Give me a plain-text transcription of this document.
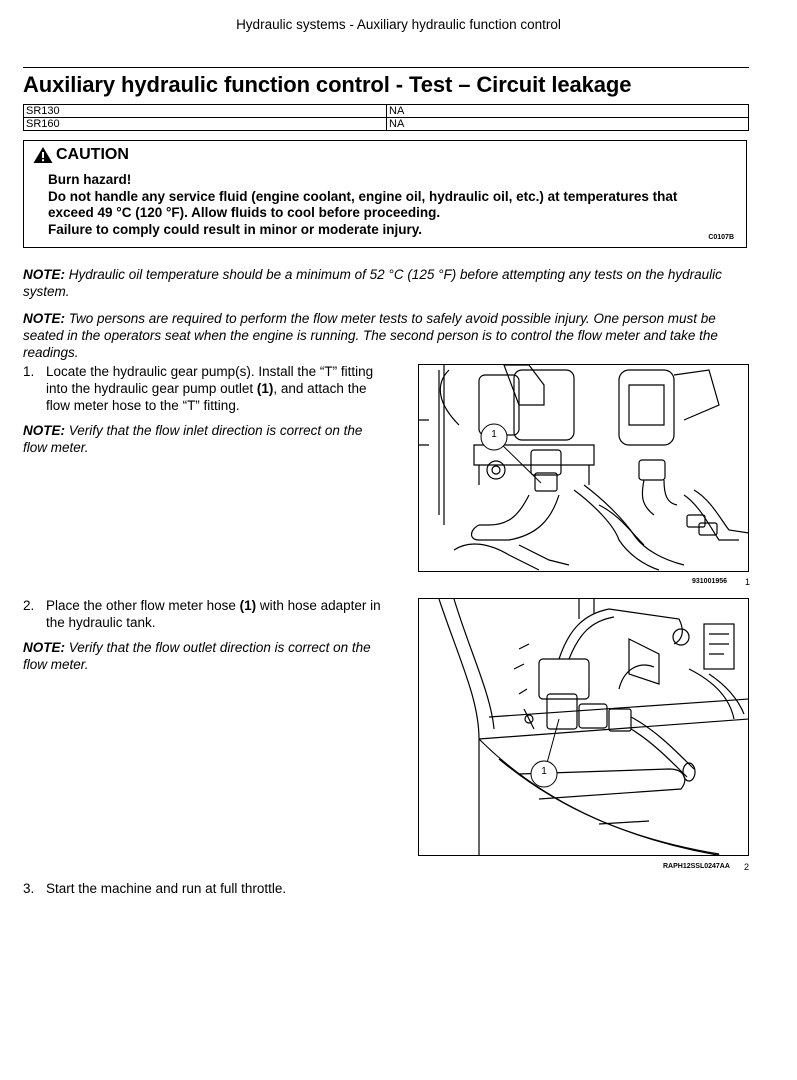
Hydraulic systems - Auxiliary hydraulic function control
Auxiliary hydraulic function control - Test – Circuit leakage
SR130	NA
SR160	NA
CAUTION
Burn hazard!
Do not handle any service fluid (engine coolant, engine oil, hydraulic oil, etc.) at temperatures that exceed 49 °C (120 °F). Allow fluids to cool before proceeding.
Failure to comply could result in minor or moderate injury.
C0107B
NOTE: Hydraulic oil temperature should be a minimum of 52 °C (125 °F) before attempting any tests on the hydraulic system.
NOTE: Two persons are required to perform the flow meter tests to safely avoid possible injury. One person must be seated in the operators seat when the engine is running. The second person is to control the flow meter and take the readings.
1. Locate the hydraulic gear pump(s). Install the “T” fitting into the hydraulic gear pump outlet (1), and attach the flow meter hose to the “T” fitting.
NOTE: Verify that the flow inlet direction is correct on the flow meter.
1
931001956 1
2. Place the other flow meter hose (1) with hose adapter in the hydraulic tank.
NOTE: Verify that the flow outlet direction is correct on the flow meter.
1
RAPH12SSL0247AA 2
3. Start the machine and run at full throttle.
